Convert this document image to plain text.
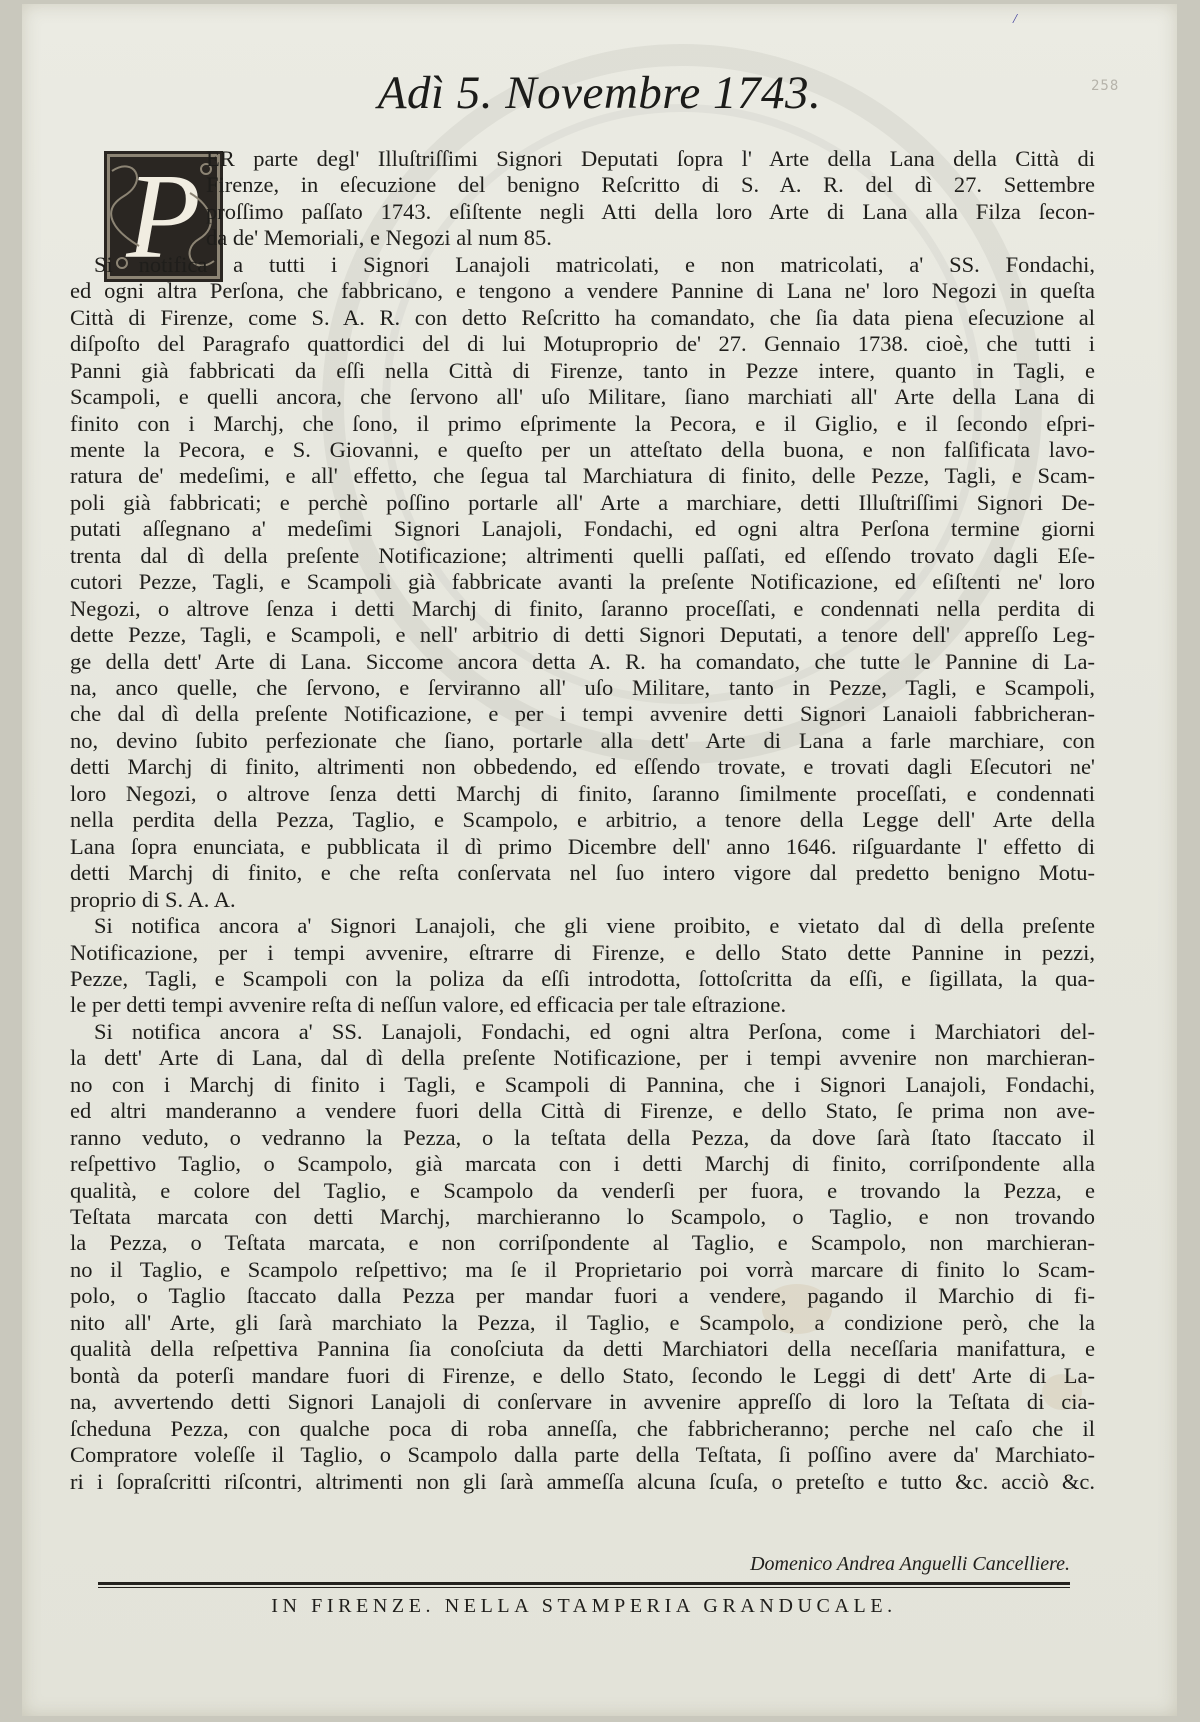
/
258
Adì 5. Novembre 1743.
P ER parte degl' Illuſtriſſimi Signori Deputati ſopra l' Arte della Lana della Città di
Firenze, in eſecuzione del benigno Reſcritto di S. A. R. del dì 27. Settembre
proſſimo paſſato 1743. eſiſtente negli Atti della loro Arte di Lana alla Filza ſecon-
da de' Memoriali, e Negozi al num 85.
Si notifica a tutti i Signori Lanajoli matricolati, e non matricolati, a' SS. Fondachi,
ed ogni altra Perſona, che fabbricano, e tengono a vendere Pannine di Lana ne' loro Negozi in queſta
Città di Firenze, come S. A. R. con detto Reſcritto ha comandato, che ſia data piena eſecuzione al
diſpoſto del Paragrafo quattordici del di lui Motuproprio de' 27. Gennaio 1738. cioè, che tutti i
Panni già fabbricati da eſſi nella Città di Firenze, tanto in Pezze intere, quanto in Tagli, e
Scampoli, e quelli ancora, che ſervono all' uſo Militare, ſiano marchiati all' Arte della Lana di
finito con i Marchj, che ſono, il primo eſprimente la Pecora, e il Giglio, e il ſecondo eſpri-
mente la Pecora, e S. Giovanni, e queſto per un atteſtato della buona, e non falſificata lavo-
ratura de' medeſimi, e all' effetto, che ſegua tal Marchiatura di finito, delle Pezze, Tagli, e Scam-
poli già fabbricati; e perchè poſſino portarle all' Arte a marchiare, detti Illuſtriſſimi Signori De-
putati aſſegnano a' medeſimi Signori Lanajoli, Fondachi, ed ogni altra Perſona termine giorni
trenta dal dì della preſente Notificazione; altrimenti quelli paſſati, ed eſſendo trovato dagli Eſe-
cutori Pezze, Tagli, e Scampoli già fabbricate avanti la preſente Notificazione, ed eſiſtenti ne' loro
Negozi, o altrove ſenza i detti Marchj di finito, ſaranno proceſſati, e condennati nella perdita di
dette Pezze, Tagli, e Scampoli, e nell' arbitrio di detti Signori Deputati, a tenore dell' appreſſo Leg-
ge della dett' Arte di Lana. Siccome ancora detta A. R. ha comandato, che tutte le Pannine di La-
na, anco quelle, che ſervono, e ſerviranno all' uſo Militare, tanto in Pezze, Tagli, e Scampoli,
che dal dì della preſente Notificazione, e per i tempi avvenire detti Signori Lanaioli fabbricheran-
no, devino ſubito perfezionate che ſiano, portarle alla dett' Arte di Lana a farle marchiare, con
detti Marchj di finito, altrimenti non obbedendo, ed eſſendo trovate, e trovati dagli Eſecutori ne'
loro Negozi, o altrove ſenza detti Marchj di finito, ſaranno ſimilmente proceſſati, e condennati
nella perdita della Pezza, Taglio, e Scampolo, e arbitrio, a tenore della Legge dell' Arte della
Lana ſopra enunciata, e pubblicata il dì primo Dicembre dell' anno 1646. riſguardante l' effetto di
detti Marchj di finito, e che reſta conſervata nel ſuo intero vigore dal predetto benigno Motu-
proprio di S. A. A.
Si notifica ancora a' Signori Lanajoli, che gli viene proibito, e vietato dal dì della preſente
Notificazione, per i tempi avvenire, eſtrarre di Firenze, e dello Stato dette Pannine in pezzi,
Pezze, Tagli, e Scampoli con la poliza da eſſi introdotta, ſottoſcritta da eſſi, e ſigillata, la qua-
le per detti tempi avvenire reſta di neſſun valore, ed efficacia per tale eſtrazione.
Si notifica ancora a' SS. Lanajoli, Fondachi, ed ogni altra Perſona, come i Marchiatori del-
la dett' Arte di Lana, dal dì della preſente Notificazione, per i tempi avvenire non marchieran-
no con i Marchj di finito i Tagli, e Scampoli di Pannina, che i Signori Lanajoli, Fondachi,
ed altri manderanno a vendere fuori della Città di Firenze, e dello Stato, ſe prima non ave-
ranno veduto, o vedranno la Pezza, o la teſtata della Pezza, da dove ſarà ſtato ſtaccato il
reſpettivo Taglio, o Scampolo, già marcata con i detti Marchj di finito, corriſpondente alla
qualità, e colore del Taglio, e Scampolo da venderſi per fuora, e trovando la Pezza, e
Teſtata marcata con detti Marchj, marchieranno lo Scampolo, o Taglio, e non trovando
la Pezza, o Teſtata marcata, e non corriſpondente al Taglio, e Scampolo, non marchieran-
no il Taglio, e Scampolo reſpettivo; ma ſe il Proprietario poi vorrà marcare di finito lo Scam-
polo, o Taglio ſtaccato dalla Pezza per mandar fuori a vendere, pagando il Marchio di fi-
nito all' Arte, gli ſarà marchiato la Pezza, il Taglio, e Scampolo, a condizione però, che la
qualità della reſpettiva Pannina ſia conoſciuta da detti Marchiatori della neceſſaria manifattura, e
bontà da poterſi mandare fuori di Firenze, e dello Stato, ſecondo le Leggi di dett' Arte di La-
na, avvertendo detti Signori Lanajoli di conſervare in avvenire appreſſo di loro la Teſtata di cia-
ſcheduna Pezza, con qualche poca di roba anneſſa, che fabbricheranno; perche nel caſo che il
Compratore voleſſe il Taglio, o Scampolo dalla parte della Teſtata, ſi poſſino avere da' Marchiato-
ri i ſopraſcritti riſcontri, altrimenti non gli ſarà ammeſſa alcuna ſcuſa, o preteſto e tutto &c. acciò &c.
Domenico Andrea Anguelli Cancelliere.
IN FIRENZE. NELLA STAMPERIA GRANDUCALE.
